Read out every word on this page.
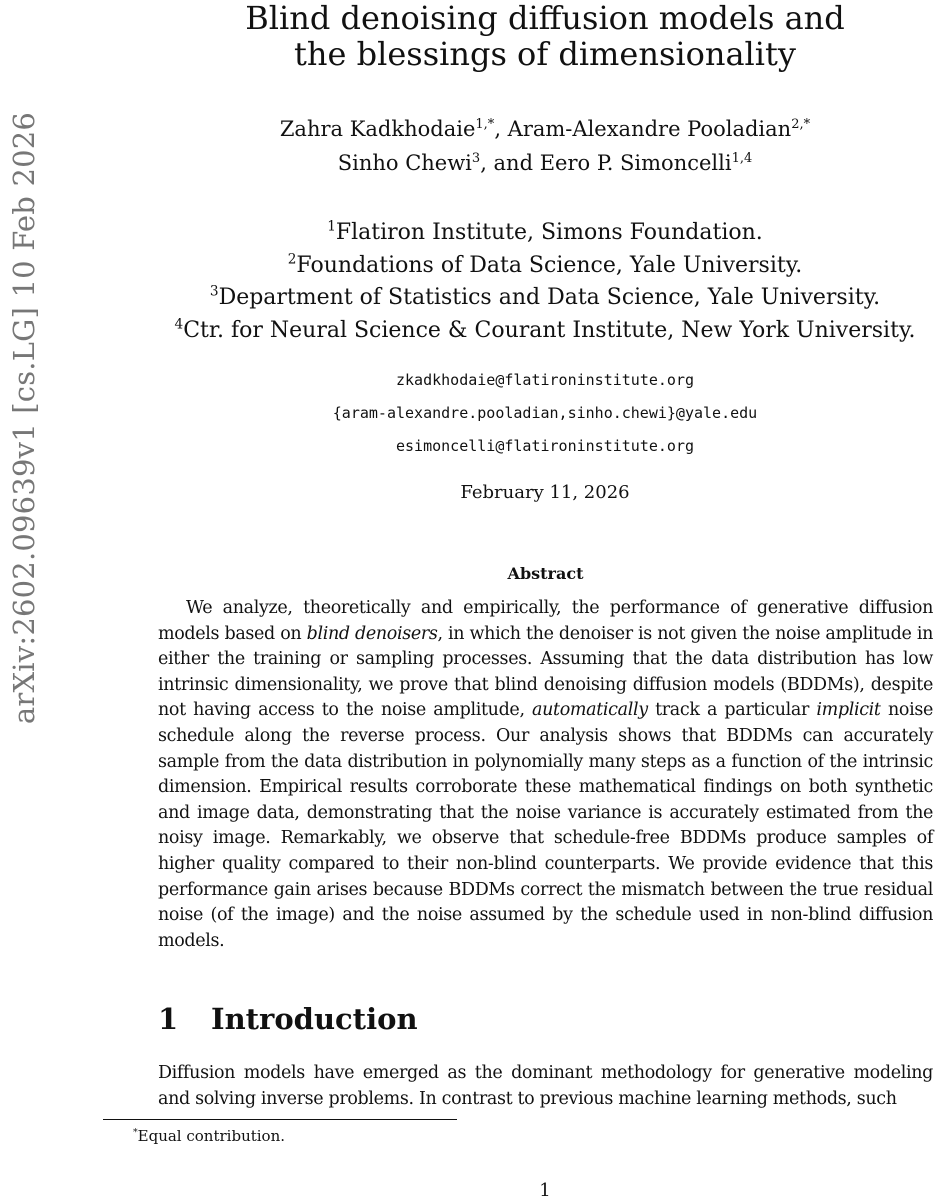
arXiv:2602.09639v1 [cs.LG] 10 Feb 2026
Blind denoising diffusion models and
the blessings of dimensionality
Zahra Kadkhodaie$^{1,*}$, Aram-Alexandre Pooladian$^{2,*}$
Sinho Chewi$^3$, and Eero P. Simoncelli$^{1,4}$
$^1$Flatiron Institute, Simons Foundation.
$^2$Foundations of Data Science, Yale University.
$^3$Department of Statistics and Data Science, Yale University.
$^4$Ctr. for Neural Science & Courant Institute, New York University.
zkadkhodaie@flatironinstitute.org
{aram-alexandre.pooladian,sinho.chewi}@yale.edu
esimoncelli@flatironinstitute.org
February 11, 2026
Abstract

We analyze, theoretically and empirically, the performance of generative diffusion models based on blind denoisers, in which the denoiser is not given the noise amplitude in either the training or sampling processes. Assuming that the data distribution has low intrinsic dimensionality, we prove that blind denoising diffusion models (BDDMs), despite not having access to the noise amplitude, automatically track a particular implicit noise schedule along the reverse process. Our analysis shows that BDDMs can accurately sample from the data distribution in polynomially many steps as a function of the intrinsic dimension. Empirical results corroborate these mathematical findings on both synthetic and image data, demonstrating that the noise variance is accurately estimated from the noisy image. Remarkably, we observe that schedule-free BDDMs produce samples of higher quality compared to their non-blind counterparts. We provide evidence that this performance gain arises because BDDMs correct the mismatch between the true residual noise (of the image) and the noise assumed by the schedule used in non-blind diffusion models.

1 Introduction

Diffusion models have emerged as the dominant methodology for generative modeling and solving inverse problems. In contrast to previous machine learning methods, such

*Equal contribution.
1
